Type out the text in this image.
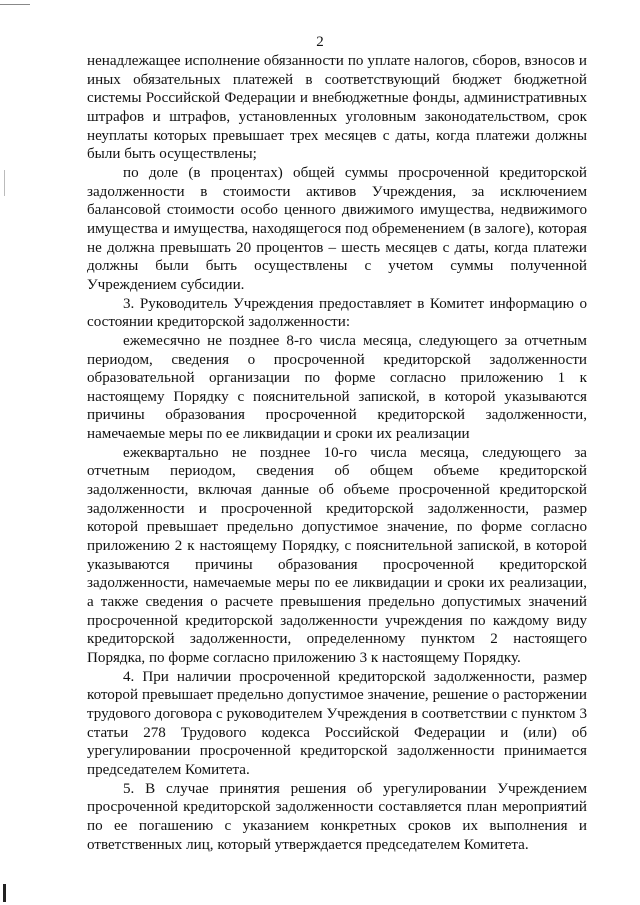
2

ненадлежащее исполнение обязанности по уплате налогов, сборов, взносов и иных обязательных платежей в соответствующий бюджет бюджетной системы Российской Федерации и внебюджетные фонды, административных штрафов и штрафов, установленных уголовным законодательством, срок неуплаты которых превышает трех месяцев с даты, когда платежи должны были быть осуществлены;

по доле (в процентах) общей суммы просроченной кредиторской задолженности в стоимости активов Учреждения, за исключением балансовой стоимости особо ценного движимого имущества, недвижимого имущества и имущества, находящегося под обременением (в залоге), которая не должна превышать 20 процентов – шесть месяцев с даты, когда платежи должны были быть осуществлены с учетом суммы полученной Учреждением субсидии.

3. Руководитель Учреждения предоставляет в Комитет информацию о состоянии кредиторской задолженности:

ежемесячно не позднее 8-го числа месяца, следующего за отчетным периодом, сведения о просроченной кредиторской задолженности образовательной организации по форме согласно приложению 1 к настоящему Порядку с пояснительной запиской, в которой указываются причины образования просроченной кредиторской задолженности, намечаемые меры по ее ликвидации и сроки их реализации

ежеквартально не позднее 10-го числа месяца, следующего за отчетным периодом, сведения об общем объеме кредиторской задолженности, включая данные об объеме просроченной кредиторской задолженности и просроченной кредиторской задолженности, размер которой превышает предельно допустимое значение, по форме согласно приложению 2 к настоящему Порядку, с пояснительной запиской, в которой указываются причины образования просроченной кредиторской задолженности, намечаемые меры по ее ликвидации и сроки их реализации, а также сведения о расчете превышения предельно допустимых значений просроченной кредиторской задолженности учреждения по каждому виду кредиторской задолженности, определенному пунктом 2 настоящего Порядка, по форме согласно приложению 3 к настоящему Порядку.

4. При наличии просроченной кредиторской задолженности, размер которой превышает предельно допустимое значение, решение о расторжении трудового договора с руководителем Учреждения в соответствии с пунктом 3 статьи 278 Трудового кодекса Российской Федерации и (или) об урегулировании просроченной кредиторской задолженности принимается председателем Комитета.

5. В случае принятия решения об урегулировании Учреждением просроченной кредиторской задолженности составляется план мероприятий по ее погашению с указанием конкретных сроков их выполнения и ответственных лиц, который утверждается председателем Комитета.
